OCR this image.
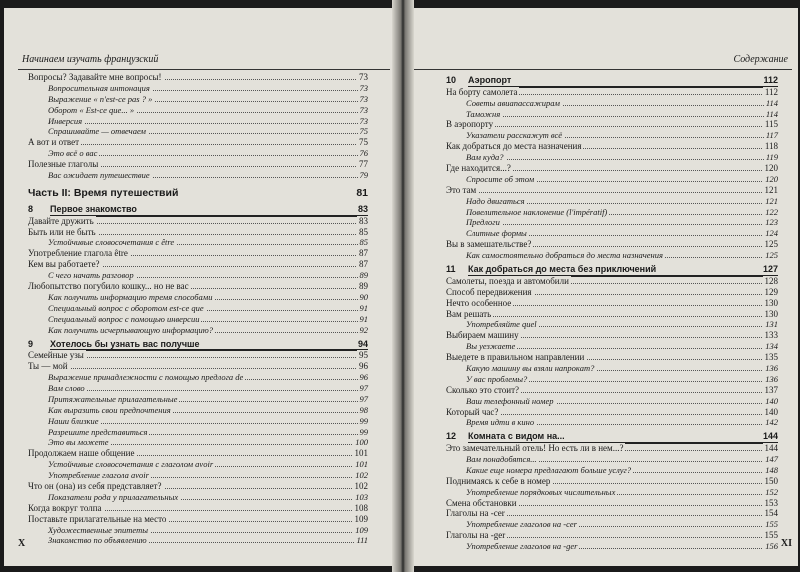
Начинаем изучать французский
Вопросы? Задавайте мне вопросы!	73
Вопросительная интонация	73
Выражение « n'est-ce pas ? »	73
Оборот « Est-ce que... »	73
Инверсия	73
Спрашивайте — отвечаем	75
А вот и ответ	75
Это всё о вас	76
Полезные глаголы	77
Вас ожидает путешествие	79
Часть II: Время путешествий	81
8 Первое знакомство	83
Давайте дружить	83
Быть или не быть	85
Устойчивые словосочетания с être	85
Употребление глагола être	87
Кем вы работаете?	87
С чего начать разговор	89
Любопытство погубило кошку... но не вас	89
Как получить информацию тремя способами	90
Специальный вопрос с оборотом est-ce que	91
Специальный вопрос с помощью инверсии	91
Как получить исчерпывающую информацию?	92
9 Хотелось бы узнать вас получше	94
Семейные узы	95
Ты — мой	96
Выражение принадлежности с помощью предлога de	96
Вам слово	97
Притяжательные прилагательные	97
Как выразить свои предпочтения	98
Наши близкие	99
Разрешите представиться	99
Это вы можете	100
Продолжаем наше общение	101
Устойчивые словосочетания с глаголом avoir	101
Употребление глагола avoir	102
Что он (она) из себя представляет?	102
Показатели рода у прилагательных	103
Когда вокруг толпа	108
Поставьте прилагательные на место	109
Художественные эпитеты	109
Знакомство по объявлению	111
X
Содержание
10 Аэропорт	112
На борту самолета	112
Советы авиапассажирам	114
Таможня	114
В аэропорту	115
Указатели расскажут всё	117
Как добраться до места назначения	118
Вам куда?	119
Где находится...?	120
Спросите об этом	120
Это там	121
Надо двигаться	121
Повелительное наклонение (l'impératif)	122
Предлоги	123
Слитные формы	124
Вы в замешательстве?	125
Как самостоятельно добраться до места назначения	125
11 Как добраться до места без приключений	127
Самолеты, поезда и автомобили	128
Способ передвижения	129
Нечто особенное	130
Вам решать	130
Употребляйте quel	131
Выбираем машину	133
Вы уезжаете	134
Выедете в правильном направлении	135
Какую машину вы взяли напрокат?	136
У вас проблемы?	136
Сколько это стоит?	137
Ваш телефонный номер	140
Который час?	140
Время идти в кино	142
12 Комната с видом на...	144
Это замечательный отель! Но есть ли в нем...?	144
Вам понадобятся...	147
Какие еще номера предлагают больше услуг?	148
Поднимаясь к себе в номер	150
Употребление порядковых числительных	152
Смена обстановки	153
Глаголы на -cer	154
Употребление глаголов на -cer	155
Глаголы на -ger	155
Употребление глаголов на -ger	156 XI
